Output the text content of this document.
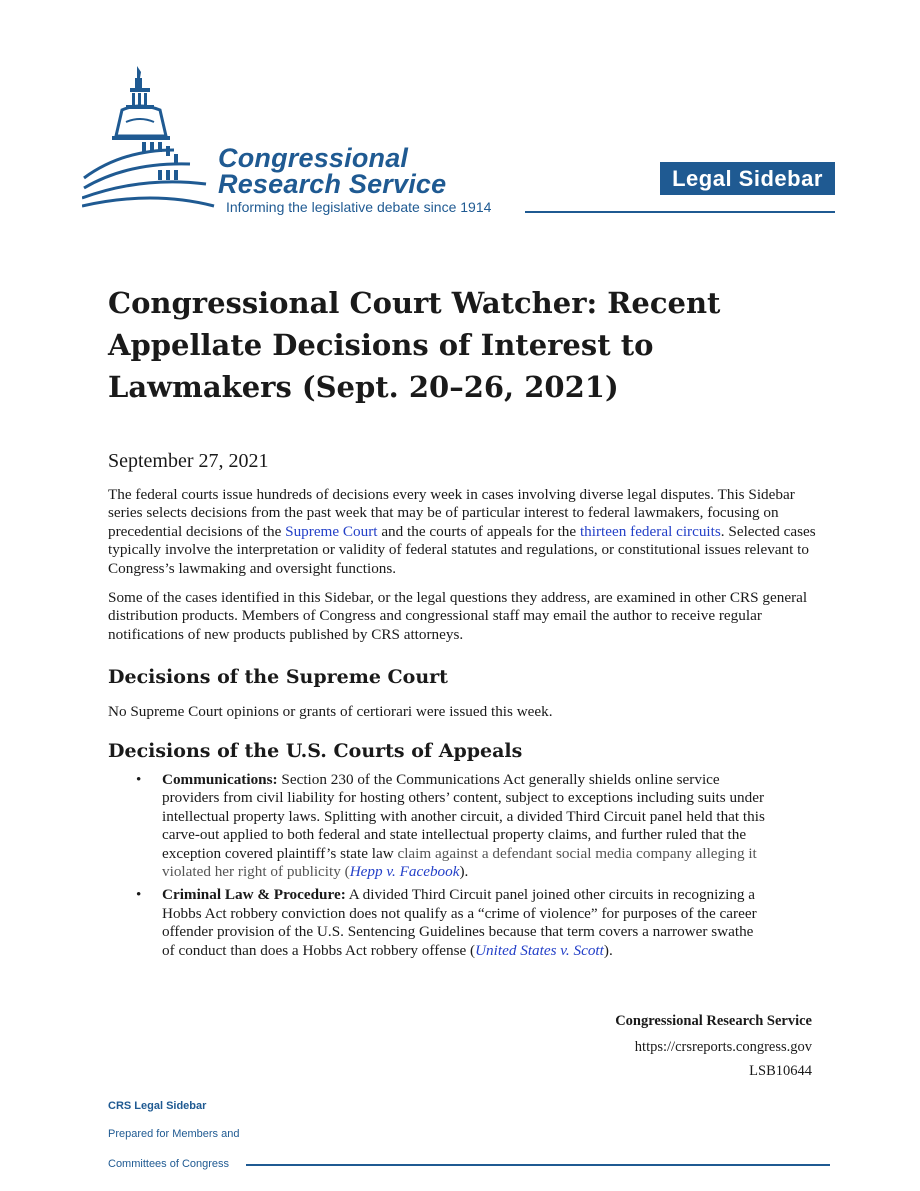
Congressional
Research Service
Informing the legislative debate since 1914
Legal Sidebar
Congressional Court Watcher: Recent Appellate Decisions of Interest to Lawmakers (Sept. 20–26, 2021)
September 27, 2021
The federal courts issue hundreds of decisions every week in cases involving diverse legal disputes. This Sidebar series selects decisions from the past week that may be of particular interest to federal lawmakers, focusing on precedential decisions of the Supreme Court and the courts of appeals for the thirteen federal circuits. Selected cases typically involve the interpretation or validity of federal statutes and regulations, or constitutional issues relevant to Congress’s lawmaking and oversight functions.
Some of the cases identified in this Sidebar, or the legal questions they address, are examined in other CRS general distribution products. Members of Congress and congressional staff may email the author to receive regular notifications of new products published by CRS attorneys.
Decisions of the Supreme Court
No Supreme Court opinions or grants of certiorari were issued this week.
Decisions of the U.S. Courts of Appeals
• Communications: Section 230 of the Communications Act generally shields online service providers from civil liability for hosting others’ content, subject to exceptions including suits under intellectual property laws. Splitting with another circuit, a divided Third Circuit panel held that this carve-out applied to both federal and state intellectual property claims, and further ruled that the exception covered plaintiff’s state law claim against a defendant social media company alleging it violated her right of publicity (Hepp v. Facebook).
• Criminal Law & Procedure: A divided Third Circuit panel joined other circuits in recognizing a Hobbs Act robbery conviction does not qualify as a “crime of violence” for purposes of the career offender provision of the U.S. Sentencing Guidelines because that term covers a narrower swathe of conduct than does a Hobbs Act robbery offense (United States v. Scott).
Congressional Research Service
https://crsreports.congress.gov
LSB10644
CRS Legal Sidebar
Prepared for Members and
Committees of Congress
